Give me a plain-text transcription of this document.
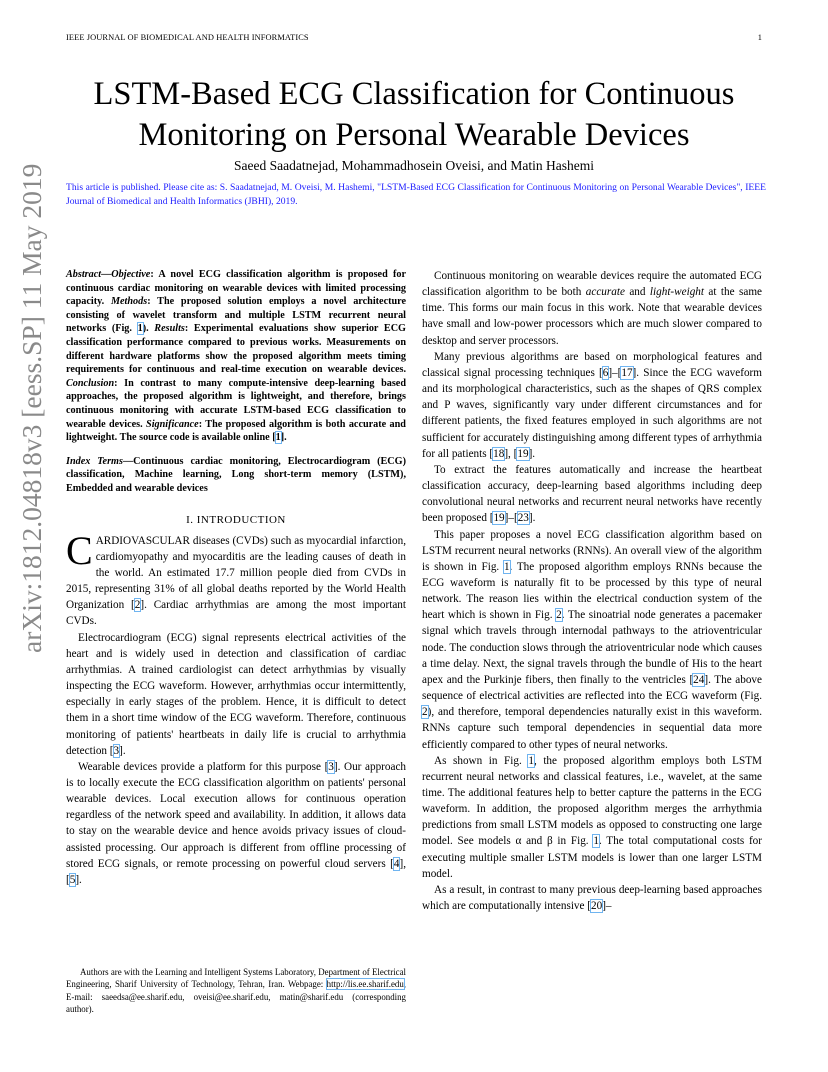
IEEE JOURNAL OF BIOMEDICAL AND HEALTH INFORMATICS	1
LSTM-Based ECG Classification for Continuous
Monitoring on Personal Wearable Devices
Saeed Saadatnejad, Mohammadhosein Oveisi, and Matin Hashemi
This article is published. Please cite as: S. Saadatnejad, M. Oveisi, M. Hashemi, "LSTM-Based ECG Classification for Continuous Monitoring on Personal Wearable Devices", IEEE Journal of Biomedical and Health Informatics (JBHI), 2019.
arXiv:1812.04818v3 [eess.SP] 11 May 2019	Abstract—Objective: A novel ECG classification algorithm is proposed for continuous cardiac monitoring on wearable devices with limited processing capacity. Methods: The proposed solution employs a novel architecture consisting of wavelet transform and multiple LSTM recurrent neural networks (Fig. 1). Results: Experimental evaluations show superior ECG classification performance compared to previous works. Measurements on different hardware platforms show the proposed algorithm meets timing requirements for continuous and real-time execution on wearable devices. Conclusion: In contrast to many compute-intensive deep-learning based approaches, the proposed algorithm is lightweight, and therefore, brings continuous monitoring with accurate LSTM-based ECG classification to wearable devices. Significance: The proposed algorithm is both accurate and lightweight. The source code is available online [1].
Index Terms—Continuous cardiac monitoring, Electrocardiogram (ECG) classification, Machine learning, Long short-term memory (LSTM), Embedded and wearable devices
I. INTRODUCTION

CARDIOVASCULAR diseases (CVDs) such as myocardial infarction, cardiomyopathy and myocarditis are the leading causes of death in the world. An estimated 17.7 million people died from CVDs in 2015, representing 31% of all global deaths reported by the World Health Organization [2]. Cardiac arrhythmias are among the most important CVDs.

Electrocardiogram (ECG) signal represents electrical activities of the heart and is widely used in detection and classification of cardiac arrhythmias. A trained cardiologist can detect arrhythmias by visually inspecting the ECG waveform. However, arrhythmias occur intermittently, especially in early stages of the problem. Hence, it is difficult to detect them in a short time window of the ECG waveform. Therefore, continuous monitoring of patients' heartbeats in daily life is crucial to arrhythmia detection [3].

Wearable devices provide a platform for this purpose [3]. Our approach is to locally execute the ECG classification algorithm on patients' personal wearable devices. Local execution allows for continuous operation regardless of the network speed and availability. In addition, it allows data to stay on the wearable device and hence avoids privacy issues of cloud-assisted processing. Our approach is different from offline processing of stored ECG signals, or remote processing on powerful cloud servers [4], [5].

Authors are with the Learning and Intelligent Systems Laboratory, Department of Electrical Engineering, Sharif University of Technology, Tehran, Iran. Webpage: http://lis.ee.sharif.edu, E-mail: saeedsa@ee.sharif.edu, oveisi@ee.sharif.edu, matin@sharif.edu (corresponding author).

Continuous monitoring on wearable devices require the automated ECG classification algorithm to be both accurate and light-weight at the same time. This forms our main focus in this work. Note that wearable devices have small and low-power processors which are much slower compared to desktop and server processors.

Many previous algorithms are based on morphological features and classical signal processing techniques [6]–[17]. Since the ECG waveform and its morphological characteristics, such as the shapes of QRS complex and P waves, significantly vary under different circumstances and for different patients, the fixed features employed in such algorithms are not sufficient for accurately distinguishing among different types of arrhythmia for all patients [18], [19].

To extract the features automatically and increase the heartbeat classification accuracy, deep-learning based algorithms including deep convolutional neural networks and recurrent neural networks have recently been proposed [19]–[23].

This paper proposes a novel ECG classification algorithm based on LSTM recurrent neural networks (RNNs). An overall view of the algorithm is shown in Fig. 1. The proposed algorithm employs RNNs because the ECG waveform is naturally fit to be processed by this type of neural network. The reason lies within the electrical conduction system of the heart which is shown in Fig. 2. The sinoatrial node generates a pacemaker signal which travels through internodal pathways to the atrioventricular node. The conduction slows through the atrioventricular node which causes a time delay. Next, the signal travels through the bundle of His to the heart apex and the Purkinje fibers, then finally to the ventricles [24]. The above sequence of electrical activities are reflected into the ECG waveform (Fig. 2), and therefore, temporal dependencies naturally exist in this waveform. RNNs capture such temporal dependencies in sequential data more efficiently compared to other types of neural networks.

As shown in Fig. 1, the proposed algorithm employs both LSTM recurrent neural networks and classical features, i.e., wavelet, at the same time. The additional features help to better capture the patterns in the ECG waveform. In addition, the proposed algorithm merges the arrhythmia predictions from small LSTM models as opposed to constructing one large model. See models α and β in Fig. 1. The total computational costs for executing multiple smaller LSTM models is lower than one larger LSTM model.

As a result, in contrast to many previous deep-learning based approaches which are computationally intensive [20]–
